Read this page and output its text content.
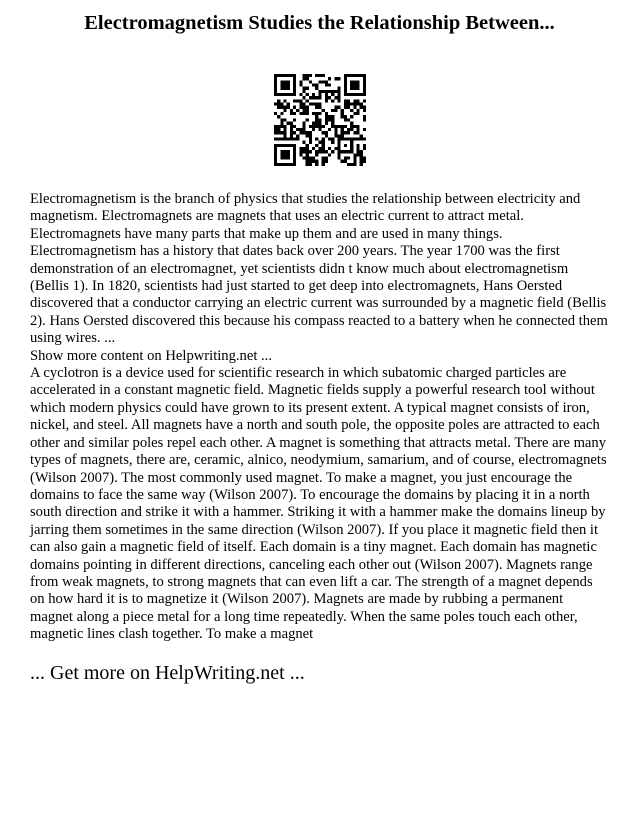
Electromagnetism Studies the Relationship Between...

Electromagnetism is the branch of physics that studies the relationship between electricity and magnetism. Electromagnets are magnets that uses an electric current to attract metal. Electromagnets have many parts that make up them and are used in many things.

Electromagnetism has a history that dates back over 200 years. The year 1700 was the first demonstration of an electromagnet, yet scientists didn t know much about electromagnetism (Bellis 1). In 1820, scientists had just started to get deep into electromagnets, Hans Oersted discovered that a conductor carrying an electric current was surrounded by a magnetic field (Bellis 2). Hans Oersted discovered this because his compass reacted to a battery when he connected them using wires. ...

Show more content on Helpwriting.net ...

A cyclotron is a device used for scientific research in which subatomic charged particles are accelerated in a constant magnetic field. Magnetic fields supply a powerful research tool without which modern physics could have grown to its present extent. A typical magnet consists of iron, nickel, and steel. All magnets have a north and south pole, the opposite poles are attracted to each other and similar poles repel each other. A magnet is something that attracts metal. There are many types of magnets, there are, ceramic, alnico, neodymium, samarium, and of course, electromagnets (Wilson 2007). The most commonly used magnet. To make a magnet, you just encourage the domains to face the same way (Wilson 2007). To encourage the domains by placing it in a north south direction and strike it with a hammer. Striking it with a hammer make the domains lineup by jarring them sometimes in the same direction (Wilson 2007). If you place it magnetic field then it can also gain a magnetic field of itself. Each domain is a tiny magnet. Each domain has magnetic domains pointing in different directions, canceling each other out (Wilson 2007). Magnets range from weak magnets, to strong magnets that can even lift a car. The strength of a magnet depends on how hard it is to magnetize it (Wilson 2007). Magnets are made by rubbing a permanent magnet along a piece metal for a long time repeatedly. When the same poles touch each other, magnetic lines clash together. To make a magnet

... Get more on HelpWriting.net ...
